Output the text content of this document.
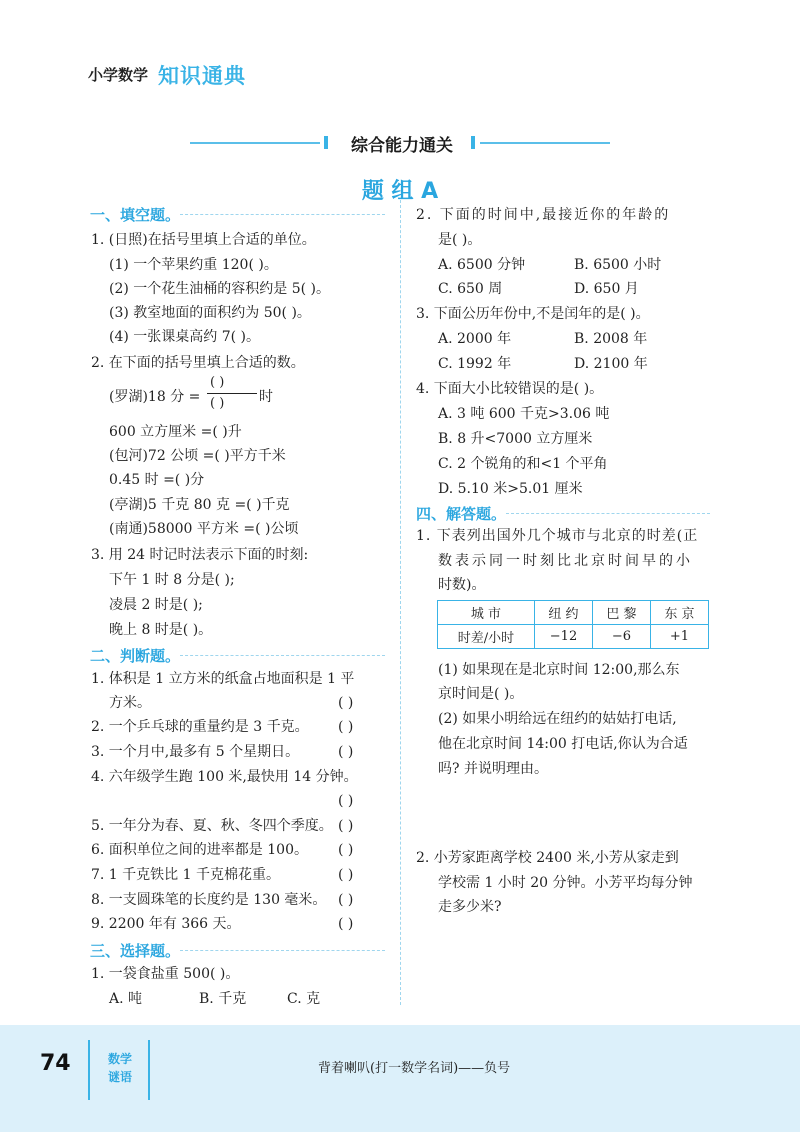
小学数学 知识通典
综合能力通关
题 组 A
一、填空题。
1. (日照)在括号里填上合适的单位。
(1) 一个苹果约重 120( )。
(2) 一个花生油桶的容积约是 5( )。
(3) 教室地面的面积约为 50( )。
(4) 一张课桌高约 7( )。
2. 在下面的括号里填上合适的数。
(罗湖)18 分 =
( )
( ) 时
600 立方厘米 =( )升
(包河)72 公顷 =( )平方千米
0.45 时 =( )分
(亭湖)5 千克 80 克 =( )千克
(南通)58000 平方米 =( )公顷
3. 用 24 时记时法表示下面的时刻:
下午 1 时 8 分是( );
凌晨 2 时是( );
晚上 8 时是( )。
二、判断题。
1. 体积是 1 立方米的纸盒占地面积是 1 平
方米。	( )
2. 一个乒乓球的重量约是 3 千克。 ( )
3. 一个月中,最多有 5 个星期日。	( )
4. 六年级学生跑 100 米,最快用 14 分钟。
( )
5. 一年分为春、夏、秋、冬四个季度。 ( )
6. 面积单位之间的进率都是 100。 ( )
7. 1 千克铁比 1 千克棉花重。	( )
8. 一支圆珠笔的长度约是 130 毫米。 ( )
9. 2200 年有 366 天。	( )
三、选择题。
1. 一袋食盐重 500( )。
A. 吨	B. 千克	C. 克
2. 下面的时间中,最接近你的年龄的
是( )。
A. 6500 分钟	B. 6500 小时
C. 650 周	D. 650 月
3. 下面公历年份中,不是闰年的是( )。
A. 2000 年	B. 2008 年
C. 1992 年	D. 2100 年
4. 下面大小比较错误的是( )。
A. 3 吨 600 千克>3.06 吨
B. 8 升<7000 立方厘米
C. 2 个锐角的和<1 个平角
D. 5.10 米>5.01 厘米
四、解答题。
1. 下表列出国外几个城市与北京的时差(正
数表示同一时刻比北京时间早的小
时数)。
城 市	纽 约	巴 黎	东 京
时差/小时	−12	−6	+1
(1) 如果现在是北京时间 12:00,那么东
京时间是( )。
(2) 如果小明给远在纽约的姑姑打电话,
他在北京时间 14:00 打电话,你认为合适
吗? 并说明理由。
2. 小芳家距离学校 2400 米,小芳从家走到
学校需 1 小时 20 分钟。小芳平均每分钟
走多少米?
74	数学
谜语
背着喇叭(打一数学名词)——负号
